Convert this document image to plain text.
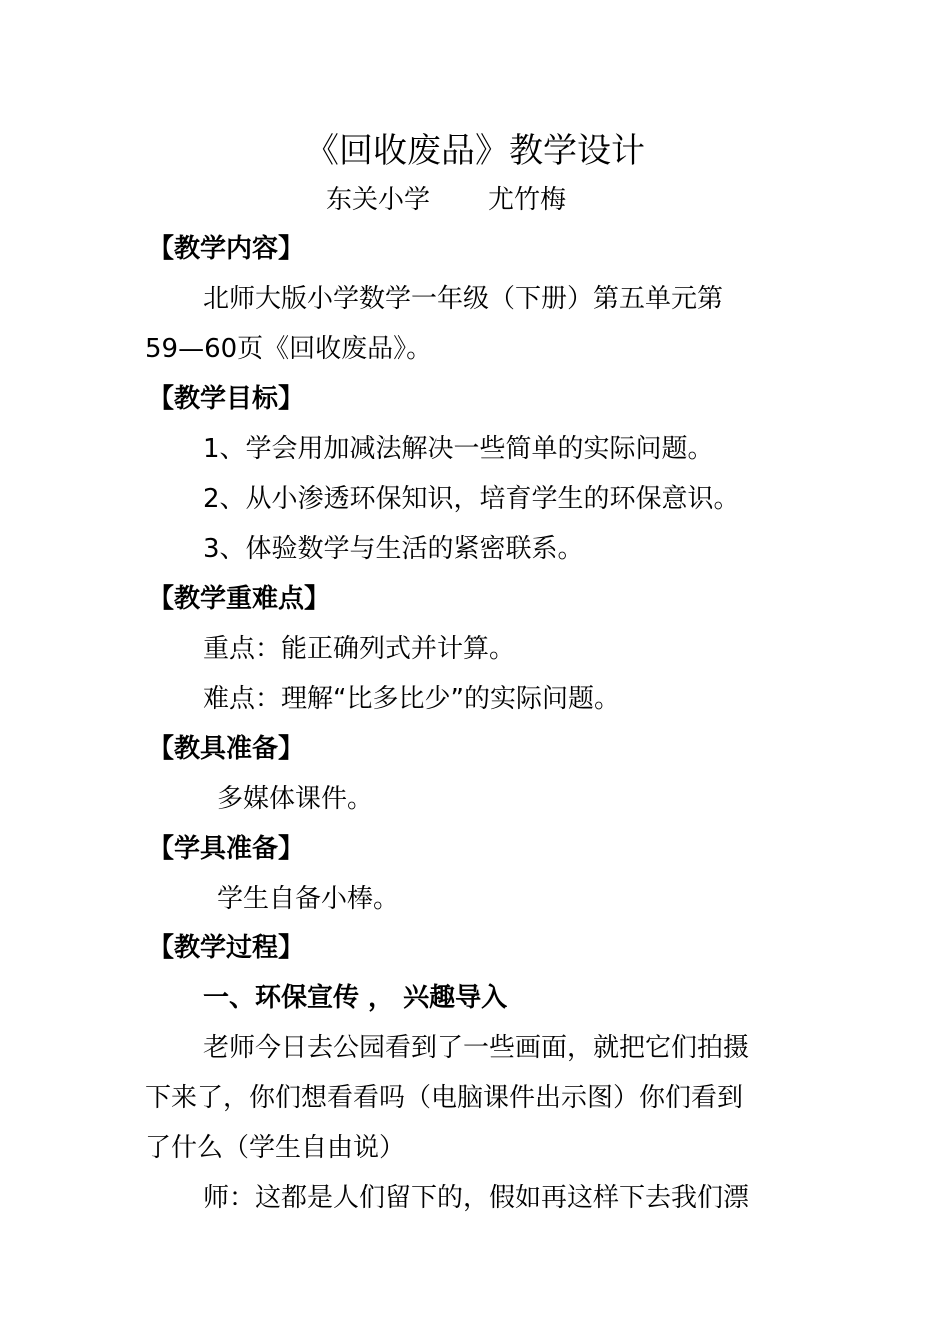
《回收废品》教学设计
东关小学 尤竹梅
【教学内容】
北师大版小学数学一年级（下册）第五单元第
59—60页《回收废品》。
【教学目标】
1、学会用加减法解决一些简单的实际问题。
2、从小渗透环保知识，培育学生的环保意识。
3、体验数学与生活的紧密联系。
【教学重难点】
重点：能正确列式并计算。
难点：理解“比多比少”的实际问题。
【教具准备】
多媒体课件。
【学具准备】
学生自备小棒。
【教学过程】
一、环保宣传 ， 兴趣导入
老师今日去公园看到了一些画面，就把它们拍摄
下来了，你们想看看吗（电脑课件出示图）你们看到
了什么（学生自由说）
师：这都是人们留下的，假如再这样下去我们漂
